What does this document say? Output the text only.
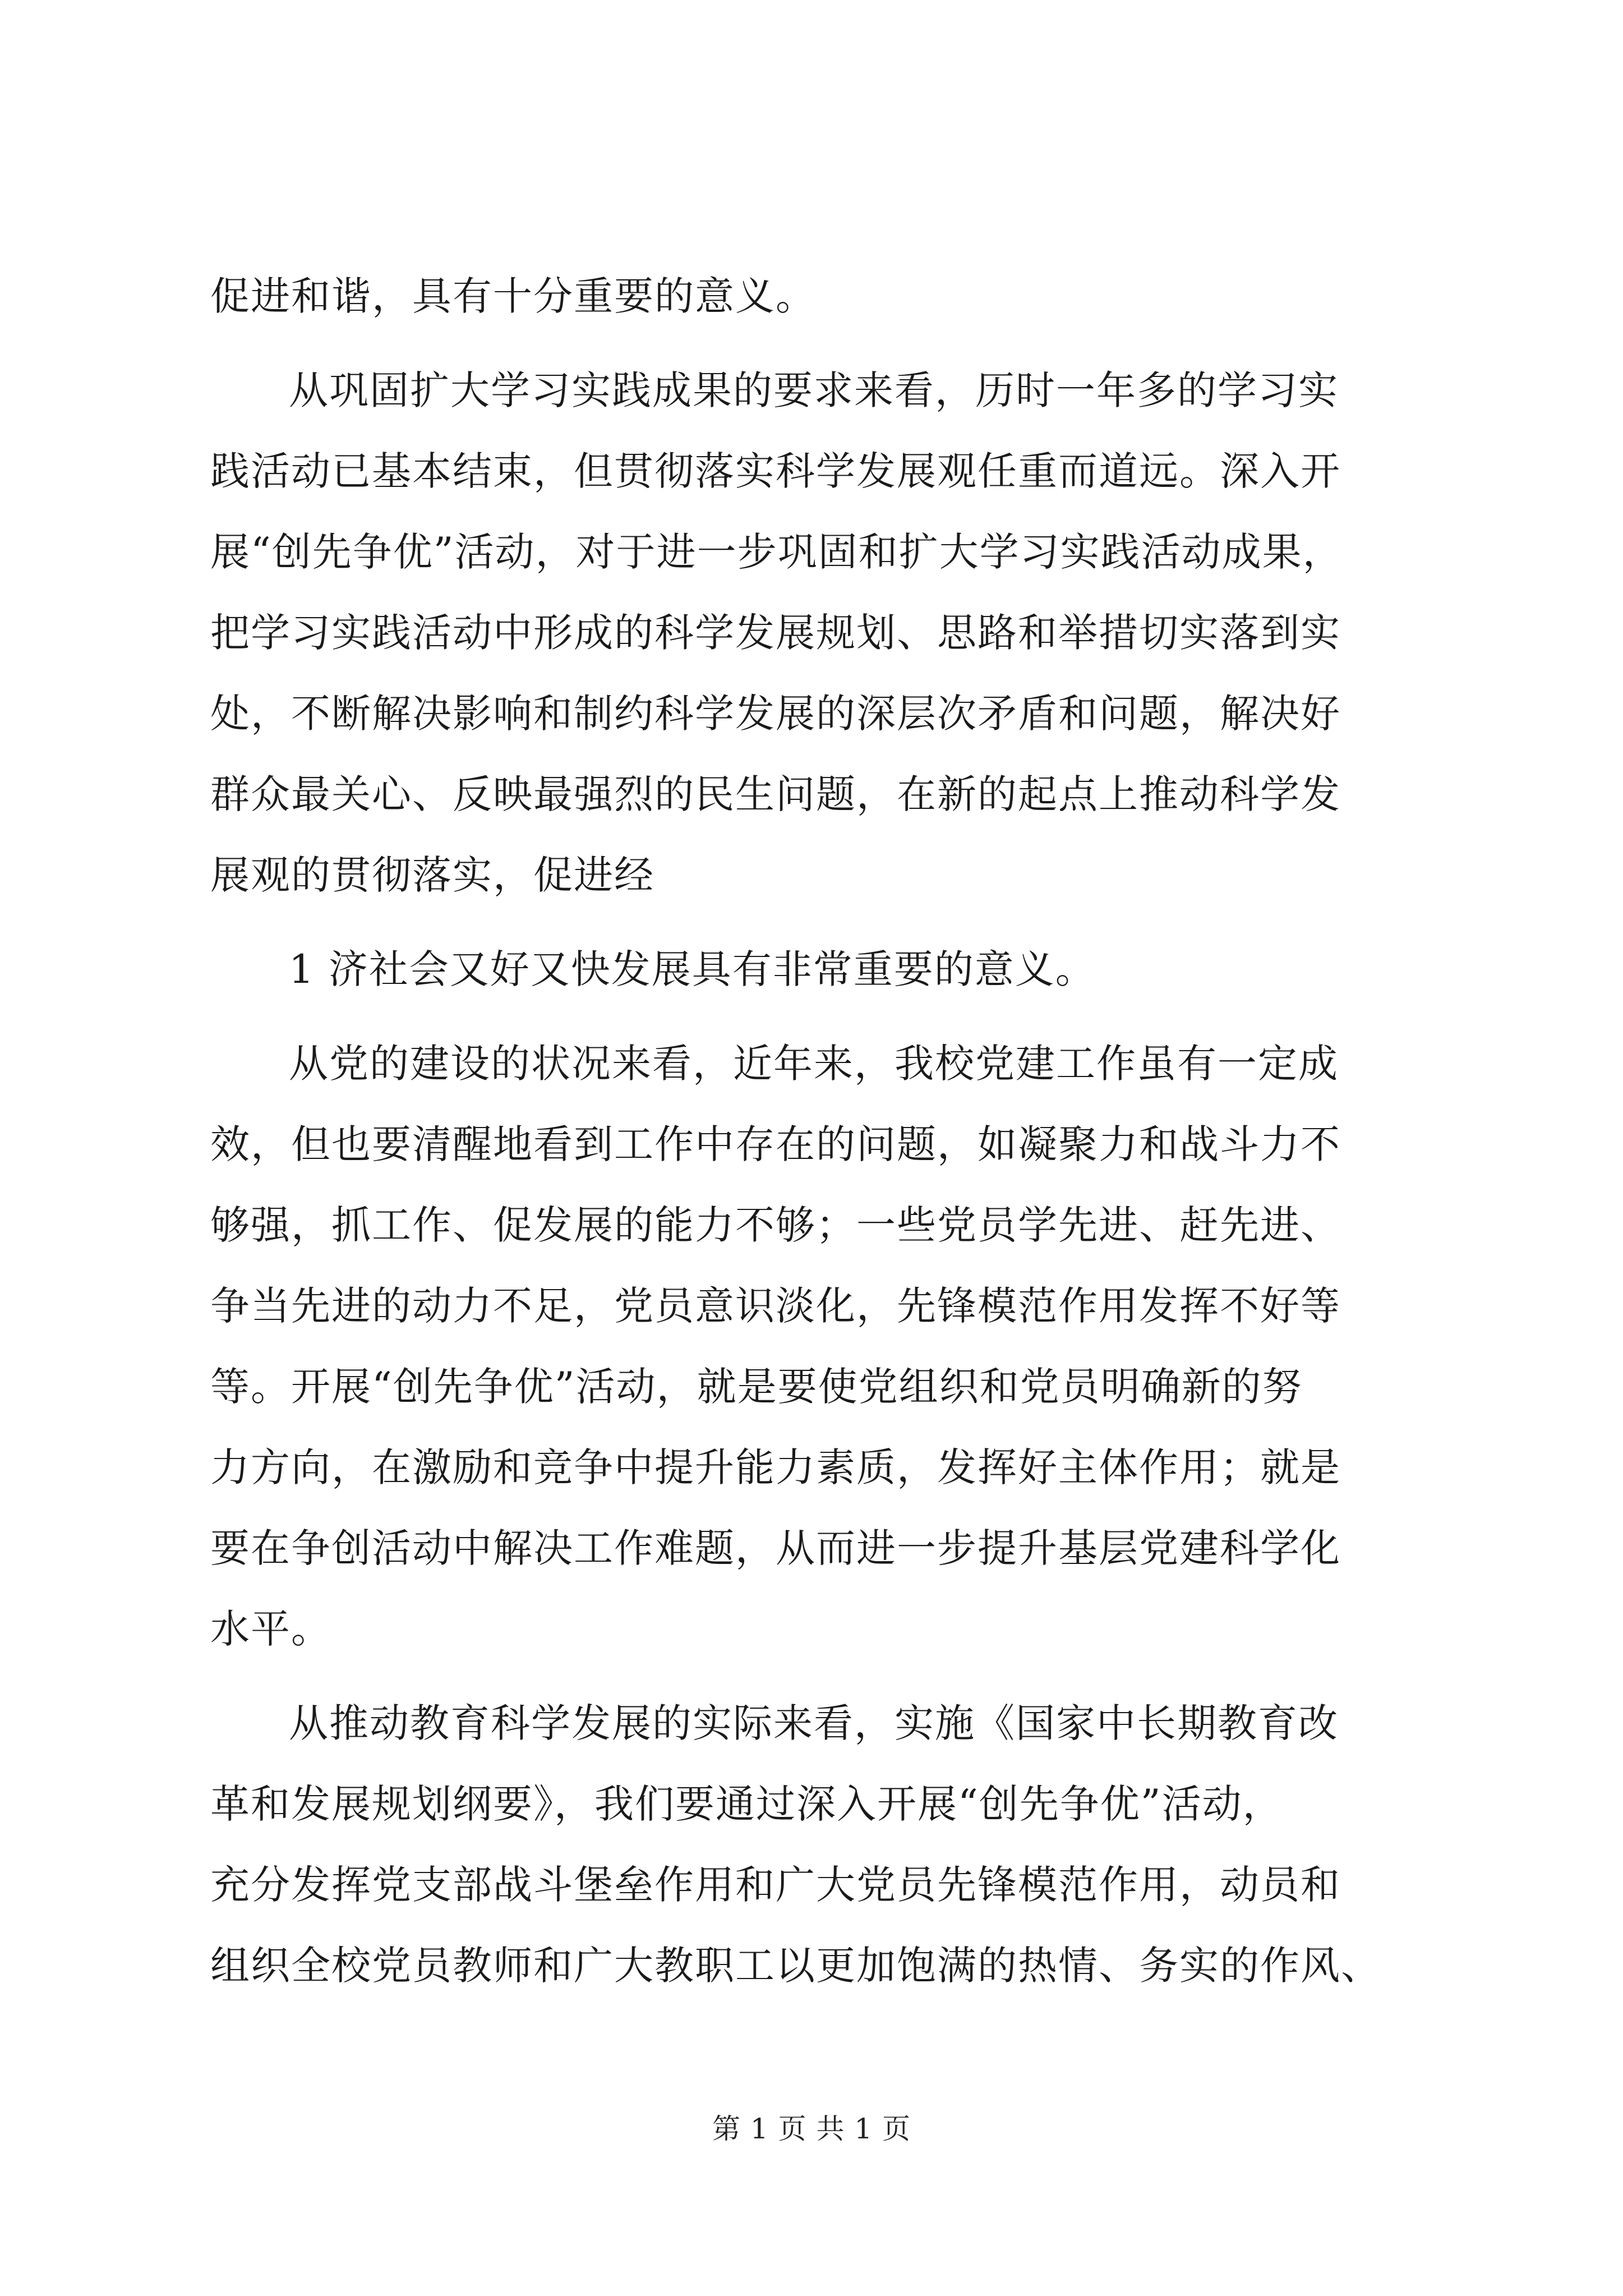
促进和谐，具有十分重要的意义。
从巩固扩大学习实践成果的要求来看，历时一年多的学习实
践活动已基本结束，但贯彻落实科学发展观任重而道远。深入开
展“创先争优”活动，对于进一步巩固和扩大学习实践活动成果，
把学习实践活动中形成的科学发展规划、思路和举措切实落到实
处，不断解决影响和制约科学发展的深层次矛盾和问题，解决好
群众最关心、反映最强烈的民生问题，在新的起点上推动科学发
展观的贯彻落实，促进经
1 济社会又好又快发展具有非常重要的意义。
从党的建设的状况来看，近年来，我校党建工作虽有一定成
效，但也要清醒地看到工作中存在的问题，如凝聚力和战斗力不
够强，抓工作、促发展的能力不够；一些党员学先进、赶先进、
争当先进的动力不足，党员意识淡化，先锋模范作用发挥不好等
等。开展“创先争优”活动，就是要使党组织和党员明确新的努
力方向，在激励和竞争中提升能力素质，发挥好主体作用；就是
要在争创活动中解决工作难题，从而进一步提升基层党建科学化
水平。
从推动教育科学发展的实际来看，实施《国家中长期教育改
革和发展规划纲要》，我们要通过深入开展“创先争优”活动，
充分发挥党支部战斗堡垒作用和广大党员先锋模范作用，动员和
组织全校党员教师和广大教职工以更加饱满的热情、务实的作风、
第 1 页 共 1 页
